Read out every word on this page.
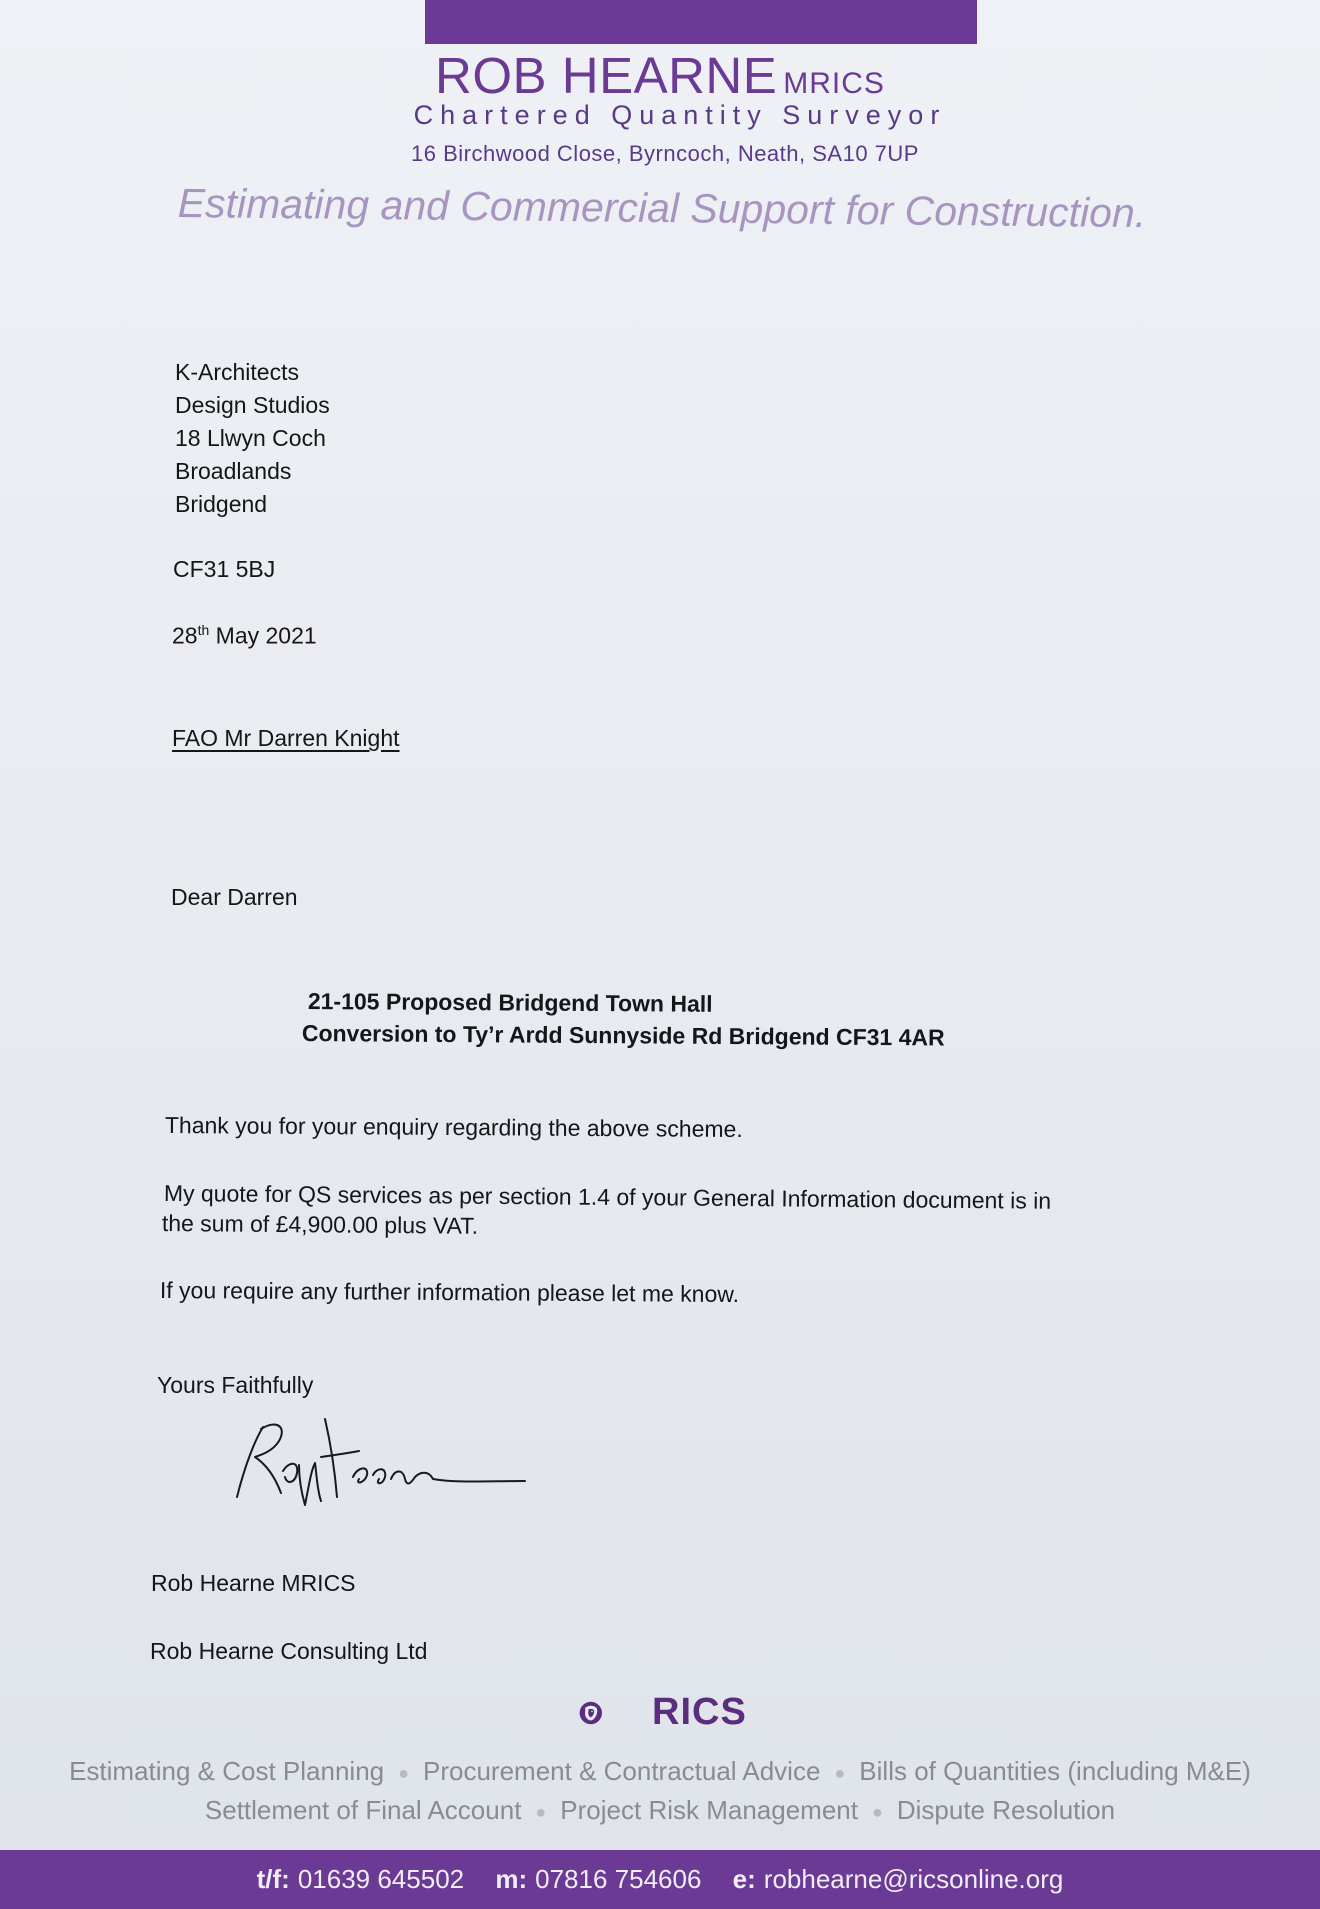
ROB HEARNE MRICS
Chartered Quantity Surveyor
16 Birchwood Close, Byrncoch, Neath, SA10 7UP
Estimating and Commercial Support for Construction.
K-Architects
Design Studios
18 Llwyn Coch
Broadlands
Bridgend
CF31 5BJ
28th May 2021
FAO Mr Darren Knight
Dear Darren
21-105 Proposed Bridgend Town Hall
Conversion to Ty’r Ardd Sunnyside Rd Bridgend CF31 4AR
Thank you for your enquiry regarding the above scheme.
My quote for QS services as per section 1.4 of your General Information document is in
the sum of £4,900.00 plus VAT.
If you require any further information please let me know.
Yours Faithfully
Rob Hearne MRICS
Rob Hearne Consulting Ltd
RICS
Estimating & Cost Planning ● Procurement & Contractual Advice ● Bills of Quantities (including M&E)
Settlement of Final Account ● Project Risk Management ● Dispute Resolution
t/f: 01639 645502 m: 07816 754606 e: robhearne@ricsonline.org
